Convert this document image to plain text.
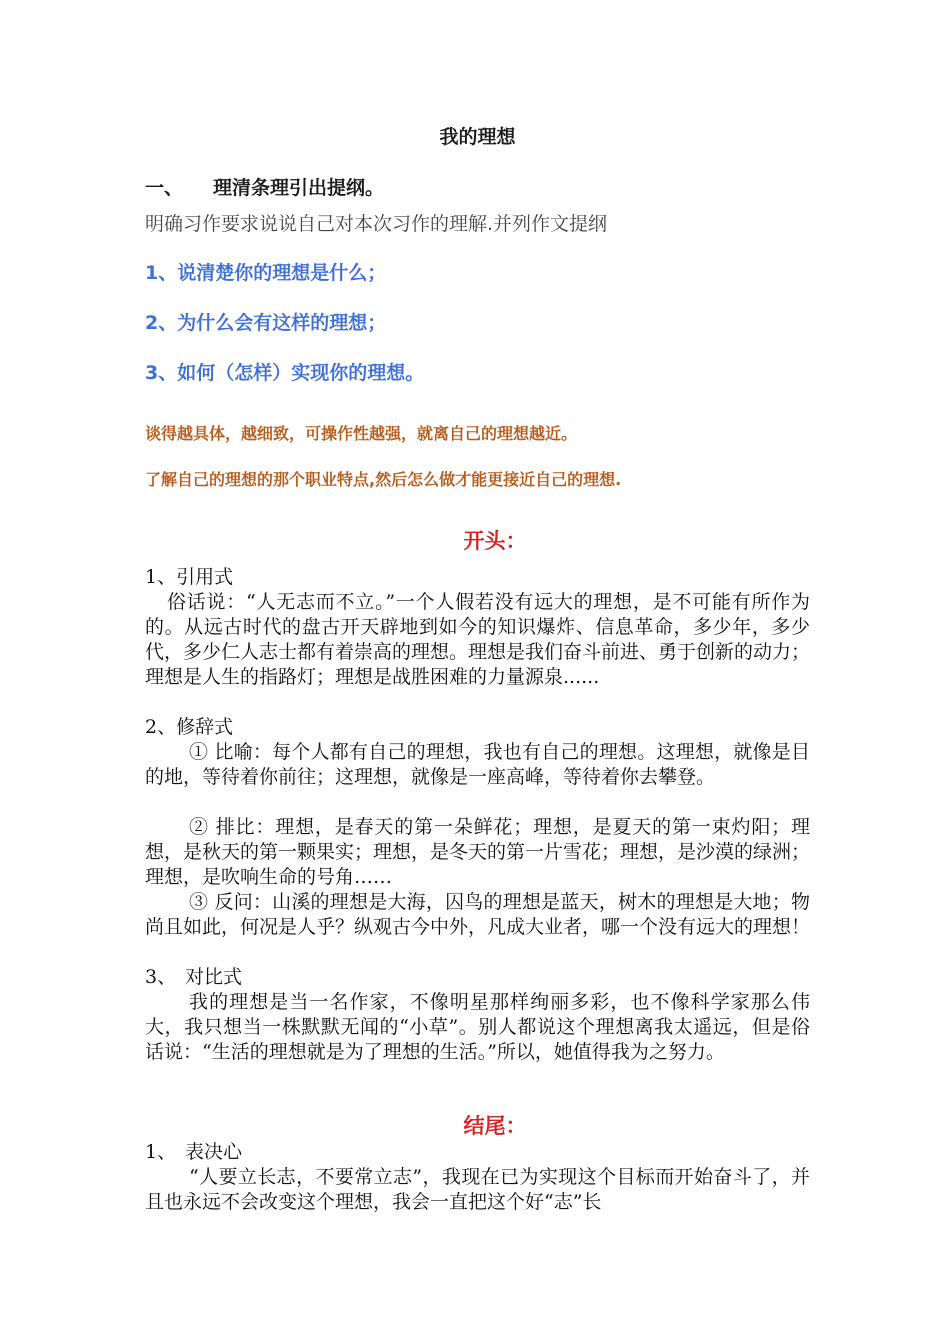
我的理想
一、 理清条理引出提纲。
明确习作要求说说自己对本次习作的理解.并列作文提纲
1、说清楚你的理想是什么；
2、为什么会有这样的理想；
3、如何（怎样）实现你的理想。
谈得越具体，越细致，可操作性越强，就离自己的理想越近。
了解自己的理想的那个职业特点,然后怎么做才能更接近自己的理想.
开头：
1、引用式
俗话说：“人无志而不立。”一个人假若没有远大的理想，是不可能有所作为的。从远古时代的盘古开天辟地到如今的知识爆炸、信息革命，多少年，多少代，多少仁人志士都有着崇高的理想。理想是我们奋斗前进、勇于创新的动力；理想是人生的指路灯；理想是战胜困难的力量源泉......
2、修辞式
① 比喻：每个人都有自己的理想，我也有自己的理想。这理想，就像是目的地，等待着你前往；这理想，就像是一座高峰，等待着你去攀登。
② 排比：理想，是春天的第一朵鲜花；理想，是夏天的第一束灼阳；理想，是秋天的第一颗果实；理想，是冬天的第一片雪花；理想，是沙漠的绿洲；理想，是吹响生命的号角……
③ 反问：山溪的理想是大海，囚鸟的理想是蓝天，树木的理想是大地；物尚且如此，何况是人乎？纵观古今中外，凡成大业者，哪一个没有远大的理想！
3、 对比式
我的理想是当一名作家，不像明星那样绚丽多彩，也不像科学家那么伟大，我只想当一株默默无闻的“小草”。别人都说这个理想离我太遥远，但是俗话说：“生活的理想就是为了理想的生活。”所以，她值得我为之努力。
结尾：
1、 表决心
“人要立长志，不要常立志”，我现在已为实现这个目标而开始奋斗了，并且也永远不会改变这个理想，我会一直把这个好“志”长
